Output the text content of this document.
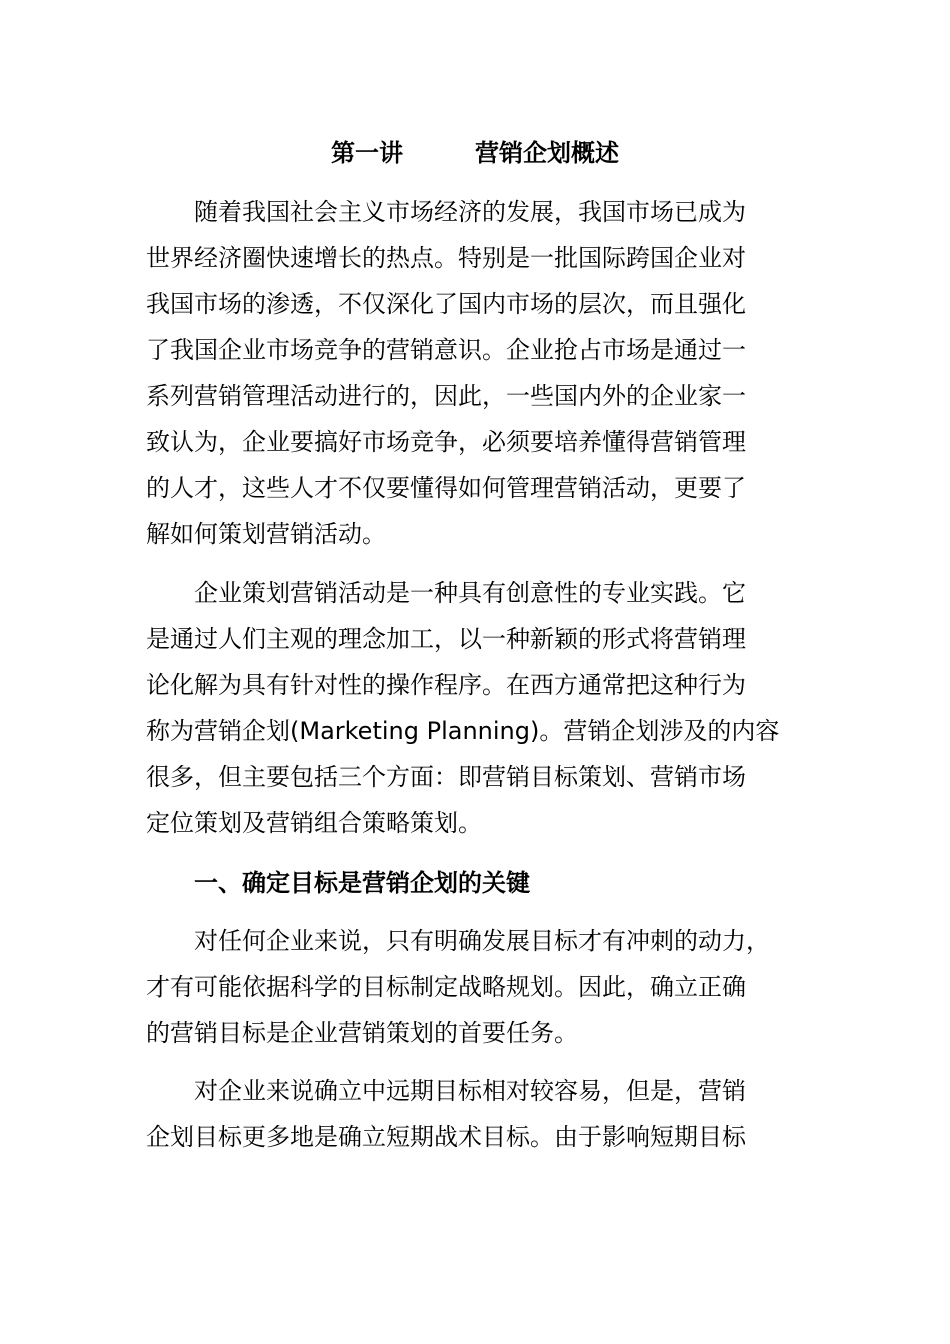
第一讲	营销企划概述
　　随着我国社会主义市场经济的发展，我国市场已成为
世界经济圈快速增长的热点。特别是一批国际跨国企业对
我国市场的渗透，不仅深化了国内市场的层次，而且强化
了我国企业市场竞争的营销意识。企业抢占市场是通过一
系列营销管理活动进行的，因此，一些国内外的企业家一
致认为，企业要搞好市场竞争，必须要培养懂得营销管理
的人才，这些人才不仅要懂得如何管理营销活动，更要了
解如何策划营销活动。
　　企业策划营销活动是一种具有创意性的专业实践。它
是通过人们主观的理念加工，以一种新颖的形式将营销理
论化解为具有针对性的操作程序。在西方通常把这种行为
称为营销企划(Marketing Planning)。营销企划涉及的内容
很多，但主要包括三个方面：即营销目标策划、营销市场
定位策划及营销组合策略策划。
　　一、确定目标是营销企划的关键
　　对任何企业来说，只有明确发展目标才有冲刺的动力，
才有可能依据科学的目标制定战略规划。因此，确立正确
的营销目标是企业营销策划的首要任务。
　　对企业来说确立中远期目标相对较容易，但是，营销
企划目标更多地是确立短期战术目标。由于影响短期目标
